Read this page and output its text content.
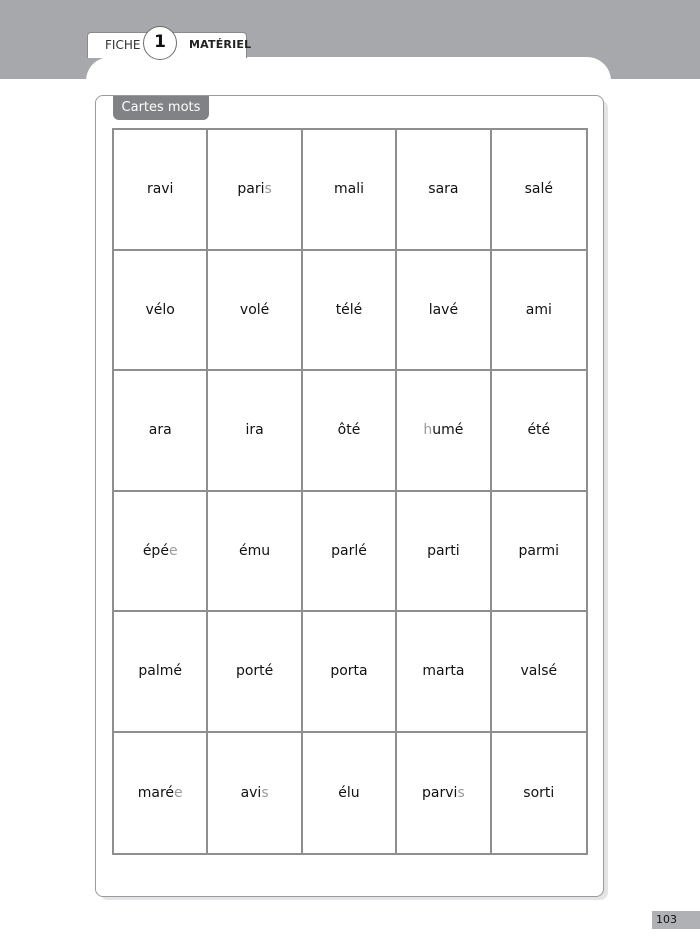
FICHE 1	MATÉRIEL
Cartes mots
ravi	paris	mali	sara	salé
vélo	volé	télé	lavé	ami
ara	ira	ôté	humé	été
épée	ému	parlé	parti	parmi
palmé	porté	porta	marta	valsé
marée	avis	élu	parvis	sorti
103
